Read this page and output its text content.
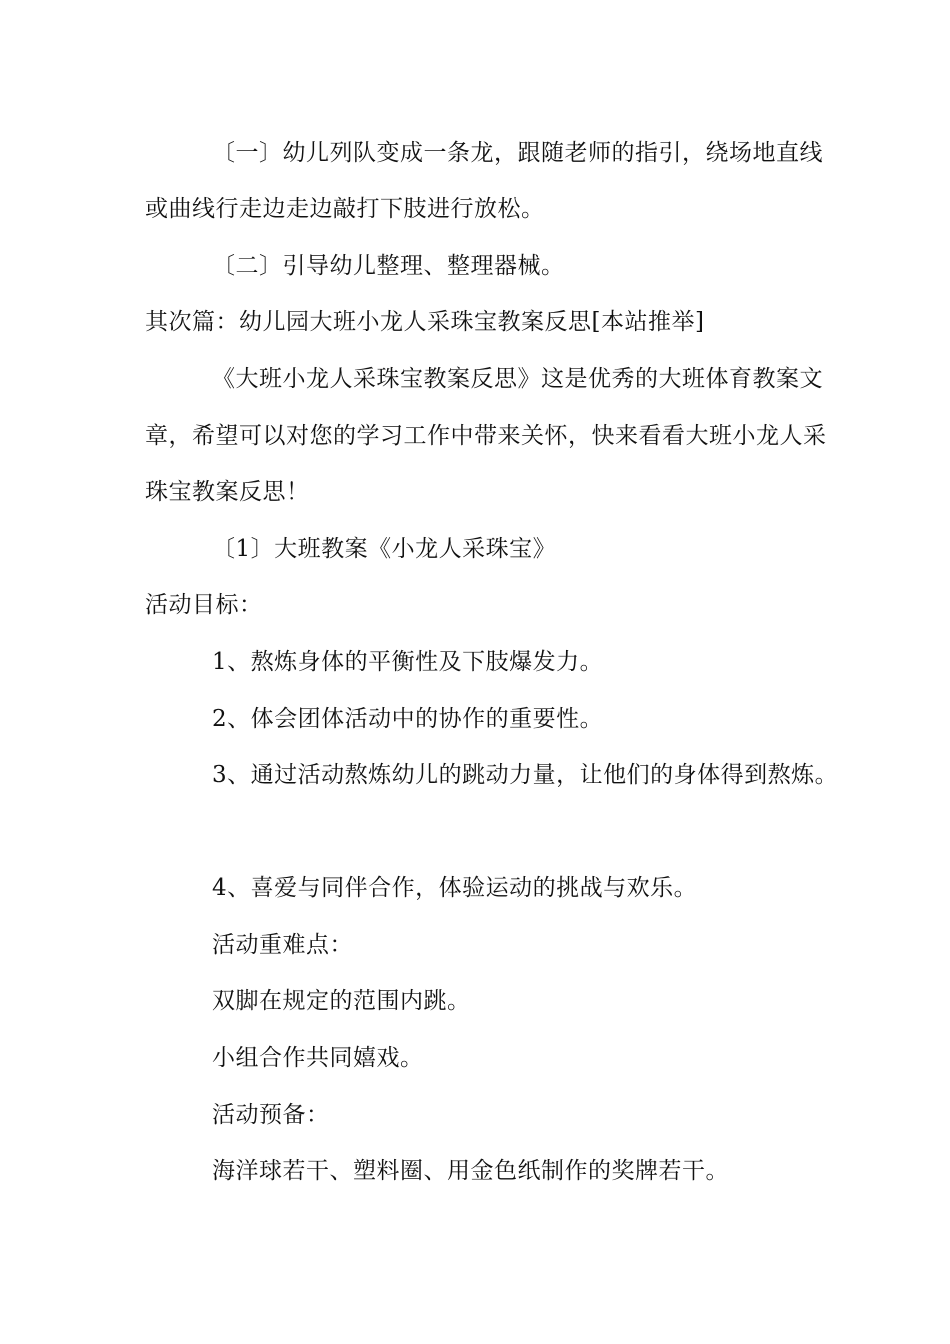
〔一〕幼儿列队变成一条龙，跟随老师的指引，绕场地直线
或曲线行走边走边敲打下肢进行放松。
〔二〕引导幼儿整理、整理器械。
其次篇：幼儿园大班小龙人采珠宝教案反思[本站推举]
《大班小龙人采珠宝教案反思》这是优秀的大班体育教案文
章，希望可以对您的学习工作中带来关怀，快来看看大班小龙人采
珠宝教案反思！
〔1〕大班教案《小龙人采珠宝》
活动目标：
1、熬炼身体的平衡性及下肢爆发力。
2、体会团体活动中的协作的重要性。
3、通过活动熬炼幼儿的跳动力量，让他们的身体得到熬炼。
4、喜爱与同伴合作，体验运动的挑战与欢乐。
活动重难点：
双脚在规定的范围内跳。
小组合作共同嬉戏。
活动预备：
海洋球若干、塑料圈、用金色纸制作的奖牌若干。
